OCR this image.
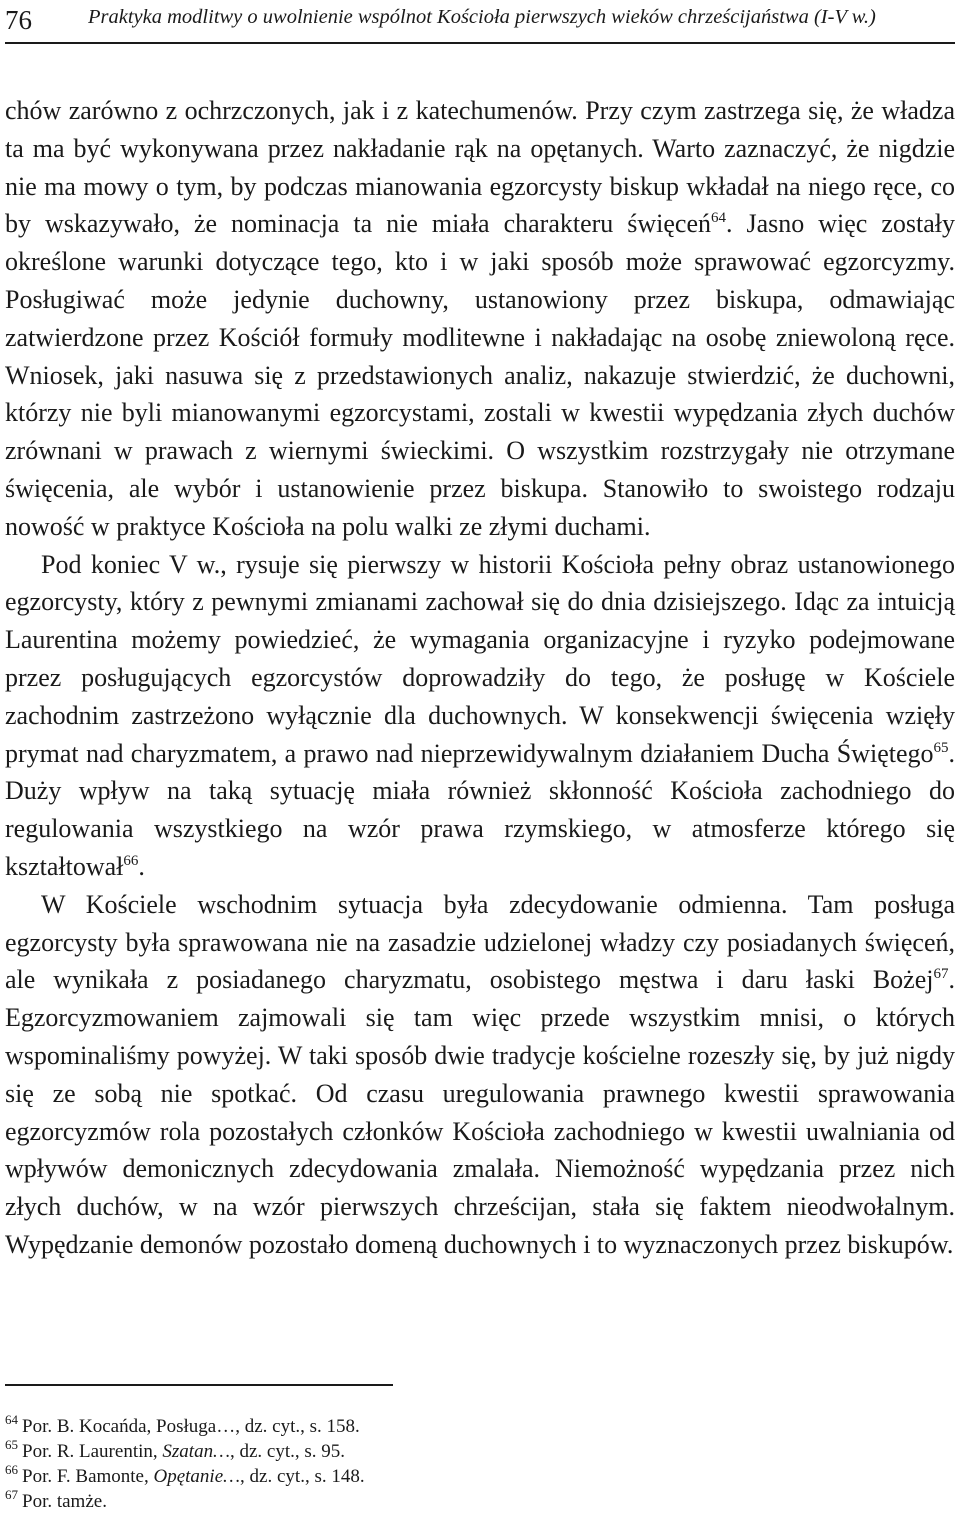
76	Praktyka modlitwy o uwolnienie wspólnot Kościoła pierwszych wieków chrześcijaństwa (I-V w.)

chów zarówno z ochrzczonych, jak i z katechumenów. Przy czym zastrzega się, że władza ta ma być wykonywana przez nakładanie rąk na opętanych. Warto zaznaczyć, że nigdzie nie ma mowy o tym, by podczas mianowania egzorcysty biskup wkładał na niego ręce, co by wskazywało, że nominacja ta nie miała charakteru święceń$^{64}$. Jasno więc zostały określone warunki dotyczące tego, kto i w jaki sposób może sprawować egzorcyzmy. Posługiwać może jedynie duchowny, ustanowiony przez biskupa, odmawiając zatwierdzone przez Kościół formuły modlitewne i nakładając na osobę zniewoloną ręce. Wniosek, jaki nasuwa się z przedstawionych analiz, nakazuje stwierdzić, że duchowni, którzy nie byli mianowanymi egzorcystami, zostali w kwestii wypędzania złych duchów zrównani w prawach z wiernymi świeckimi. O wszystkim rozstrzygały nie otrzymane święcenia, ale wybór i ustanowienie przez biskupa. Stanowiło to swoistego rodzaju nowość w praktyce Kościoła na polu walki ze złymi duchami.

Pod koniec V w., rysuje się pierwszy w historii Kościoła pełny obraz ustanowionego egzorcysty, który z pewnymi zmianami zachował się do dnia dzisiejszego. Idąc za intuicją Laurentina możemy powiedzieć, że wymagania organizacyjne i ryzyko podejmowane przez posługujących egzorcystów doprowadziły do tego, że posługę w Kościele zachodnim zastrzeżono wyłącznie dla duchownych. W konsekwencji święcenia wzięły prymat nad charyzmatem, a prawo nad nieprzewidywalnym działaniem Ducha Świętego$^{65}$. Duży wpływ na taką sytuację miała również skłonność Kościoła zachodniego do regulowania wszystkiego na wzór prawa rzymskiego, w atmosferze którego się kształtował$^{66}$.

W Kościele wschodnim sytuacja była zdecydowanie odmienna. Tam posługa egzorcysty była sprawowana nie na zasadzie udzielonej władzy czy posiadanych święceń, ale wynikała z posiadanego charyzmatu, osobistego męstwa i daru łaski Bożej$^{67}$. Egzorcyzmowaniem zajmowali się tam więc przede wszystkim mnisi, o których wspominaliśmy powyżej. W taki sposób dwie tradycje kościelne rozeszły się, by już nigdy się ze sobą nie spotkać. Od czasu uregulowania prawnego kwestii sprawowania egzorcyzmów rola pozostałych członków Kościoła zachodniego w kwestii uwalniania od wpływów demonicznych zdecydowania zmalała. Niemożność wypędzania przez nich złych duchów, w na wzór pierwszych chrześcijan, stała się faktem nieodwołalnym. Wypędzanie demonów pozostało domeną duchownych i to wyznaczonych przez biskupów.

$^{64}$ Por. B. Kocańda, Posługa…, dz. cyt., s. 158.
$^{65}$ Por. R. Laurentin, Szatan…, dz. cyt., s. 95.
$^{66}$ Por. F. Bamonte, Opętanie…, dz. cyt., s. 148.
$^{67}$ Por. tamże.
